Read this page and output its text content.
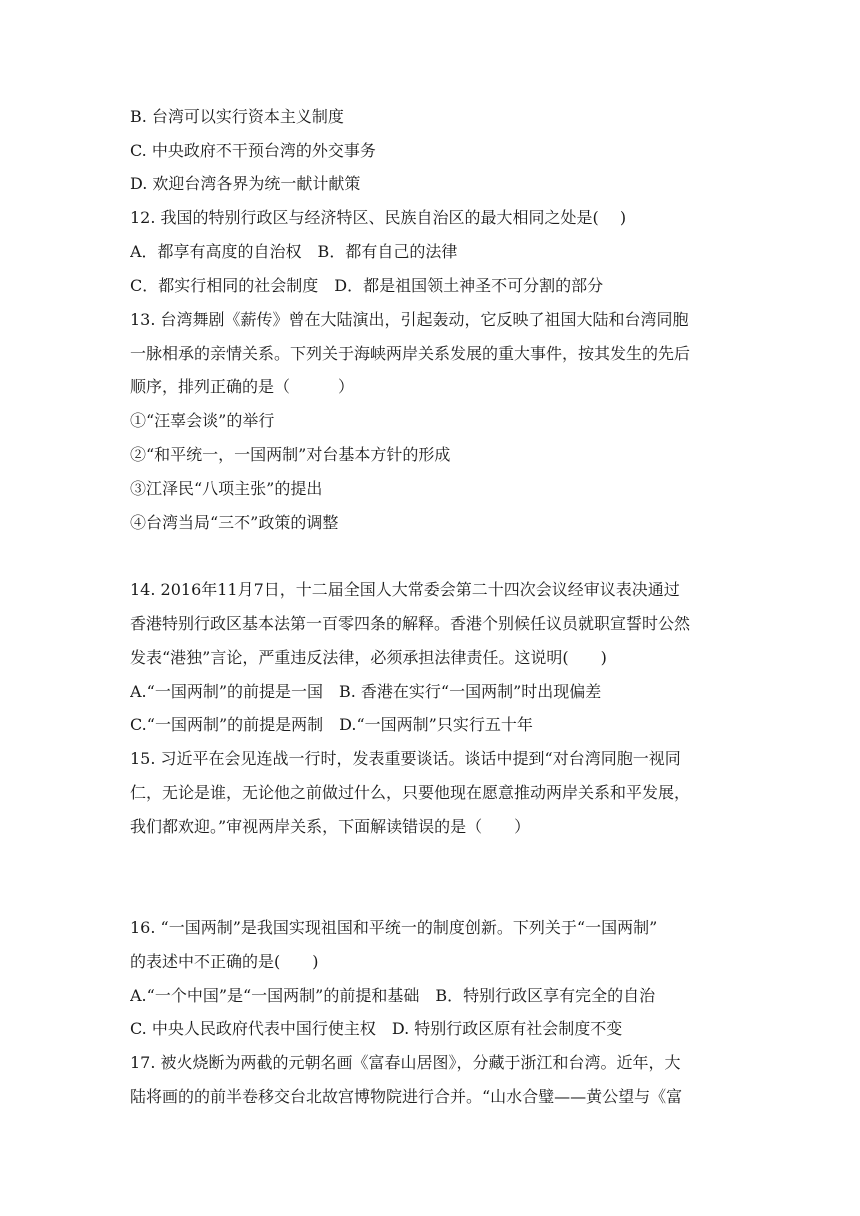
B. 台湾可以实行资本主义制度
C. 中央政府不干预台湾的外交事务
D. 欢迎台湾各界为统一献计献策
12. 我国的特别行政区与经济特区、民族自治区的最大相同之处是(　 )
A．都享有高度的自治权　B．都有自己的法律
C．都实行相同的社会制度　D．都是祖国领土神圣不可分割的部分
13. 台湾舞剧《薪传》曾在大陆演出，引起轰动，它反映了祖国大陆和台湾同胞
一脉相承的亲情关系。下列关于海峡两岸关系发展的重大事件，按其发生的先后
顺序，排列正确的是（　　　）
①“汪辜会谈”的举行
②“和平统一，一国两制”对台基本方针的形成
③江泽民“八项主张”的提出
④台湾当局“三不”政策的调整
14. 2016年11月7日，十二届全国人大常委会第二十四次会议经审议表决通过
香港特别行政区基本法第一百零四条的解释。香港个别候任议员就职宣誓时公然
发表“港独”言论，严重违反法律，必须承担法律责任。这说明(　　)
A.“一国两制”的前提是一国　B. 香港在实行“一国两制”时出现偏差
C.“一国两制”的前提是两制　D.“一国两制”只实行五十年
15. 习近平在会见连战一行时，发表重要谈话。谈话中提到“对台湾同胞一视同
仁，无论是谁，无论他之前做过什么，只要他现在愿意推动两岸关系和平发展，
我们都欢迎。”审视两岸关系，下面解读错误的是（　　）
16. “一国两制”是我国实现祖国和平统一的制度创新。下列关于“一国两制”
的表述中不正确的是(　　)
A.“一个中国”是“一国两制”的前提和基础　B．特别行政区享有完全的自治
C. 中央人民政府代表中国行使主权　D. 特别行政区原有社会制度不变
17. 被火烧断为两截的元朝名画《富春山居图》，分藏于浙江和台湾。近年，大
陆将画的的前半卷移交台北故宫博物院进行合并。“山水合璧——黄公望与《富
